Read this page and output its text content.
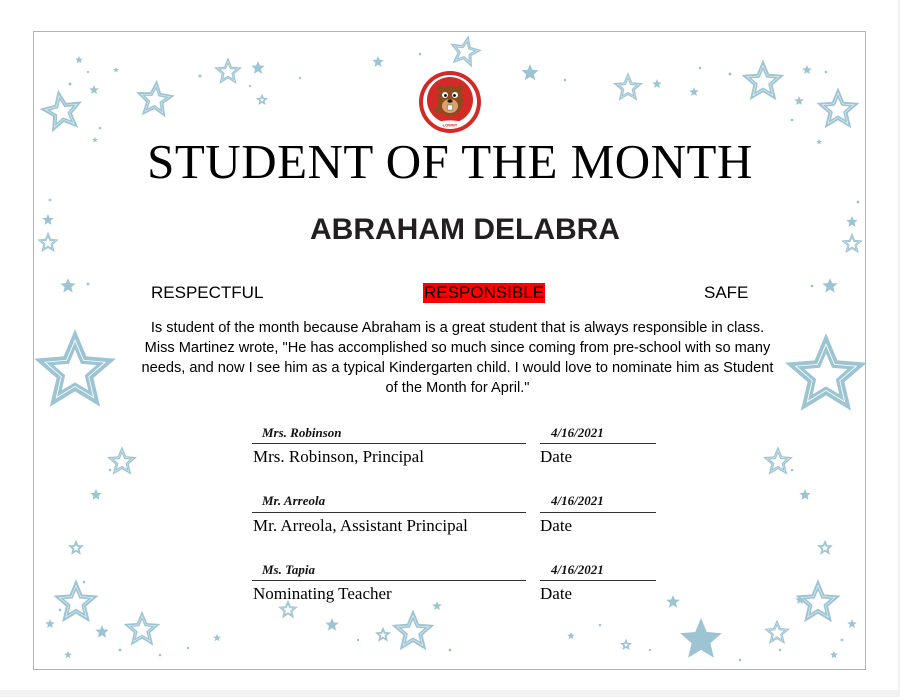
LOWRY
STUDENT OF THE MONTH
ABRAHAM DELABRA
RESPECTFUL	RESPONSIBLE	SAFE
Is student of the month because Abraham is a great student that is always responsible in class. Miss Martinez wrote, "He has accomplished so much since coming from pre-school with so many needs, and now I see him as a typical Kindergarten child. I would love to nominate him as Student of the Month for April."
Mrs. Robinson
Mrs. Robinson, Principal
4/16/2021
Date
Mr. Arreola
Mr. Arreola, Assistant Principal
4/16/2021
Date
Ms. Tapia
Nominating Teacher
4/16/2021
Date
